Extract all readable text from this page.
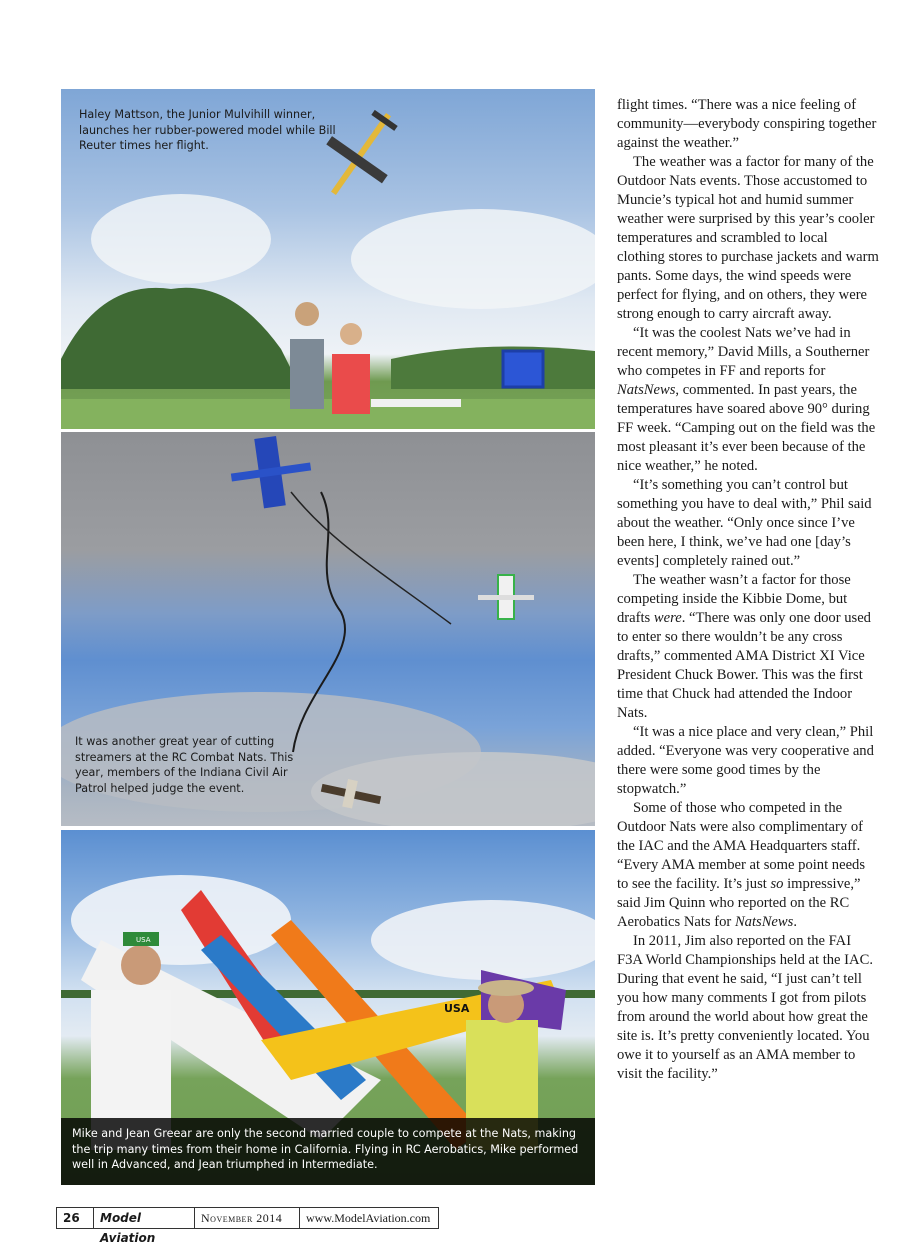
Haley Mattson, the Junior Mulvihill winner, launches her rubber-powered model while Bill Reuter times her flight.

It was another great year of cutting streamers at the RC Combat Nats. This year, members of the Indiana Civil Air Patrol helped judge the event.

USA
USA

Mike and Jean Greear are only the second married couple to compete at the Nats, making the trip many times from their home in California. Flying in RC Aerobatics, Mike performed well in Advanced, and Jean triumphed in Intermediate.

flight times. “There was a nice feeling of community—everybody conspiring together against the weather.”

The weather was a factor for many of the Outdoor Nats events. Those accustomed to Muncie’s typical hot and humid summer weather were surprised by this year’s cooler temperatures and scrambled to local clothing stores to purchase jackets and warm pants. Some days, the wind speeds were perfect for flying, and on others, they were strong enough to carry aircraft away.

“It was the coolest Nats we’ve had in recent memory,” David Mills, a Southerner who competes in FF and reports for NatsNews, commented. In past years, the temperatures have soared above 90° during FF week. “Camping out on the field was the most pleasant it’s ever been because of the nice weather,” he noted.

“It’s something you can’t control but something you have to deal with,” Phil said about the weather. “Only once since I’ve been here, I think, we’ve had one [day’s events] completely rained out.”

The weather wasn’t a factor for those competing inside the Kibbie Dome, but drafts were. “There was only one door used to enter so there wouldn’t be any cross drafts,” commented AMA District XI Vice President Chuck Bower. This was the first time that Chuck had attended the Indoor Nats.

“It was a nice place and very clean,” Phil added. “Everyone was very cooperative and there were some good times by the stopwatch.”

Some of those who competed in the Outdoor Nats were also complimentary of the IAC and the AMA Headquarters staff. “Every AMA member at some point needs to see the facility. It’s just so impressive,” said Jim Quinn who reported on the RC Aerobatics Nats for NatsNews.

In 2011, Jim also reported on the FAI F3A World Championships held at the IAC. During that event he said, “I just can’t tell you how many comments I got from pilots from around the world about how great the site is. It’s pretty conveniently located. You owe it to yourself as an AMA member to visit the facility.”

26	Model Aviation
November 2014	www.ModelAviation.com
